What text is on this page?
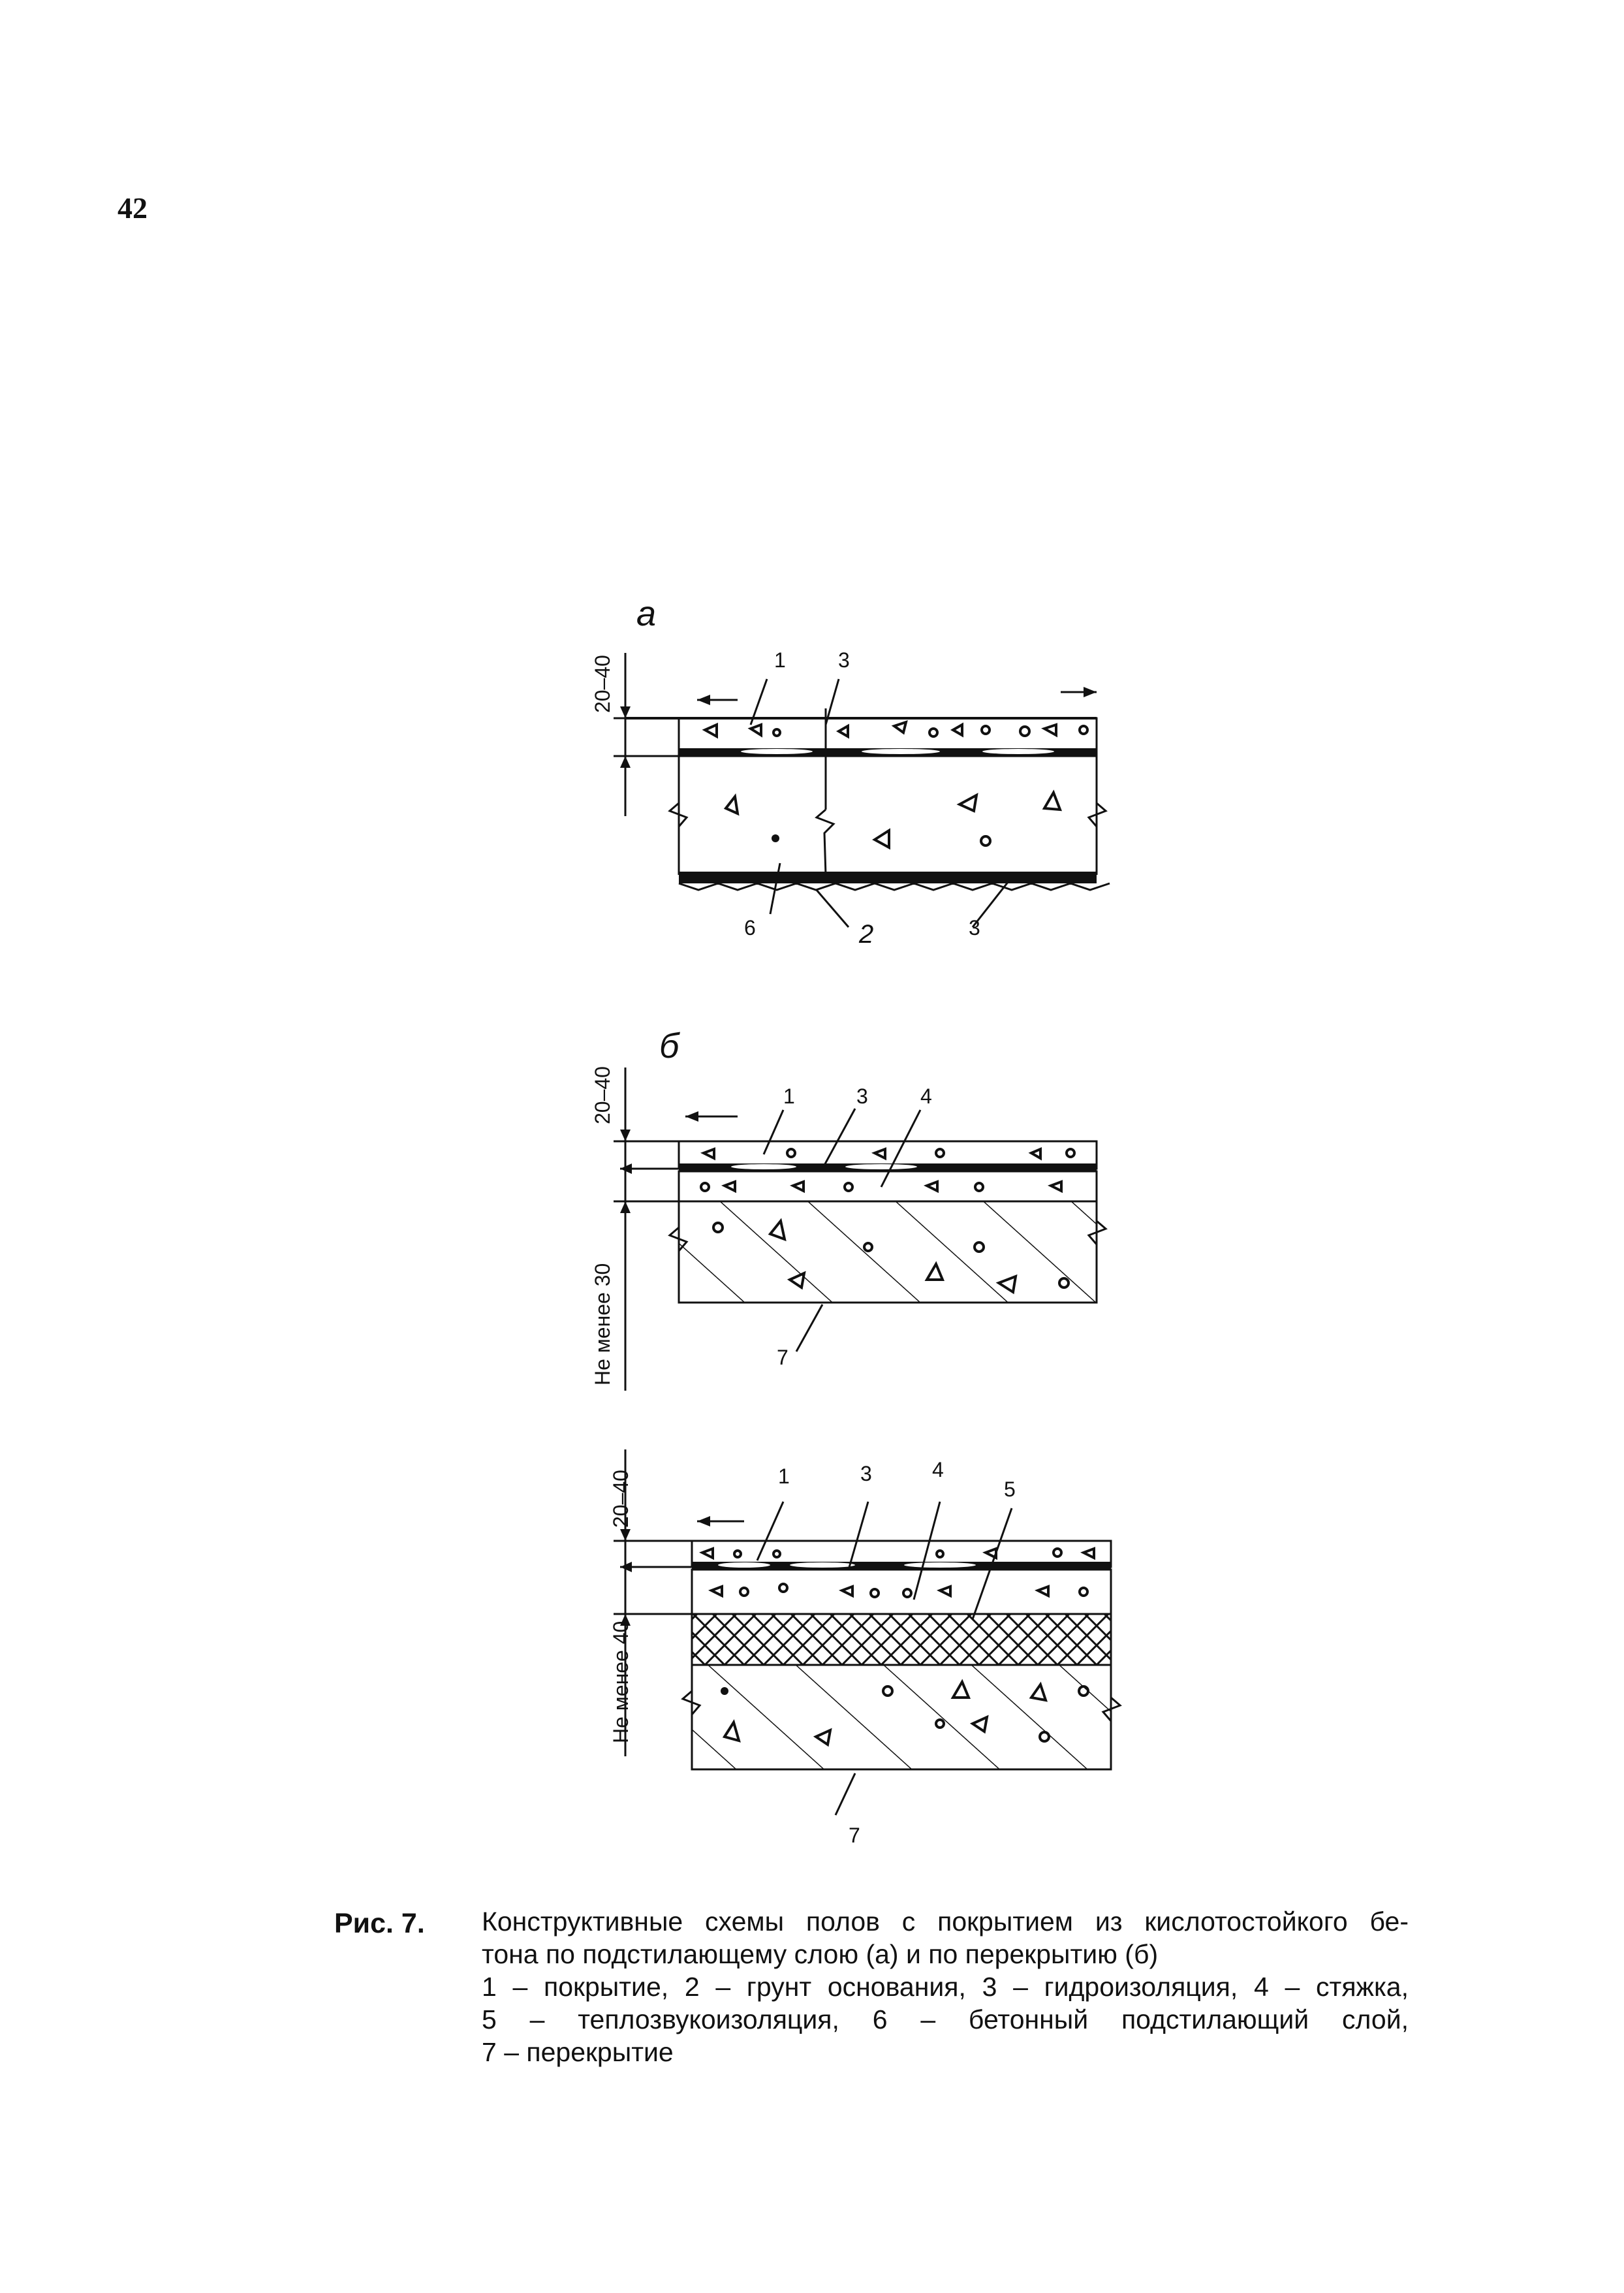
42
а
20–40	1	3
6	2	3
б
20–40
Не менее 30
1	3	4
7
20–40
Не менее 40
1	3	4
5
7
Рис. 7. Конструктивные схемы полов с покрытием из кислотостойкого бе-
тона по подстилающему слою (а) и по перекрытию (б)
1 – покрытие, 2 – грунт основания, 3 – гидроизоляция, 4 – стяжка,
5 – теплозвукоизоляция, 6 – бетонный подстилающий слой,
7 – перекрытие
